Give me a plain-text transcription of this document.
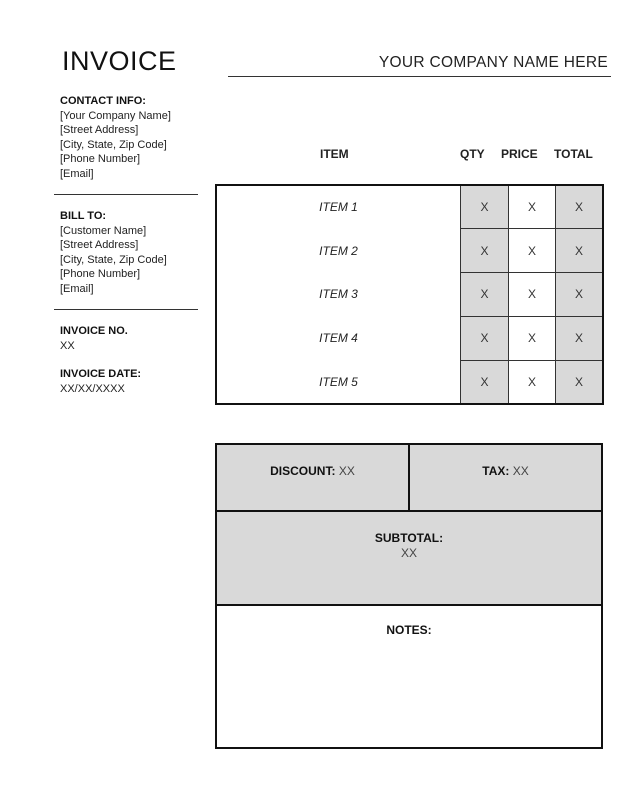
INVOICE	YOUR COMPANY NAME HERE
CONTACT INFO:
[Your Company Name]
[Street Address]
[City, State, Zip Code]
[Phone Number]
[Email]
BILL TO:
[Customer Name]
[Street Address]
[City, State, Zip Code]
[Phone Number]
[Email]
INVOICE NO.
XX
INVOICE DATE:
XX/XX/XXXX
ITEM	QTY PRICE TOTAL
ITEM 1	X	X	X
ITEM 2	X	X	X
ITEM 3	X	X	X
ITEM 4	X	X	X
ITEM 5	X	X	X
DISCOUNT: XX	TAX: XX
SUBTOTAL:
XX
NOTES:
